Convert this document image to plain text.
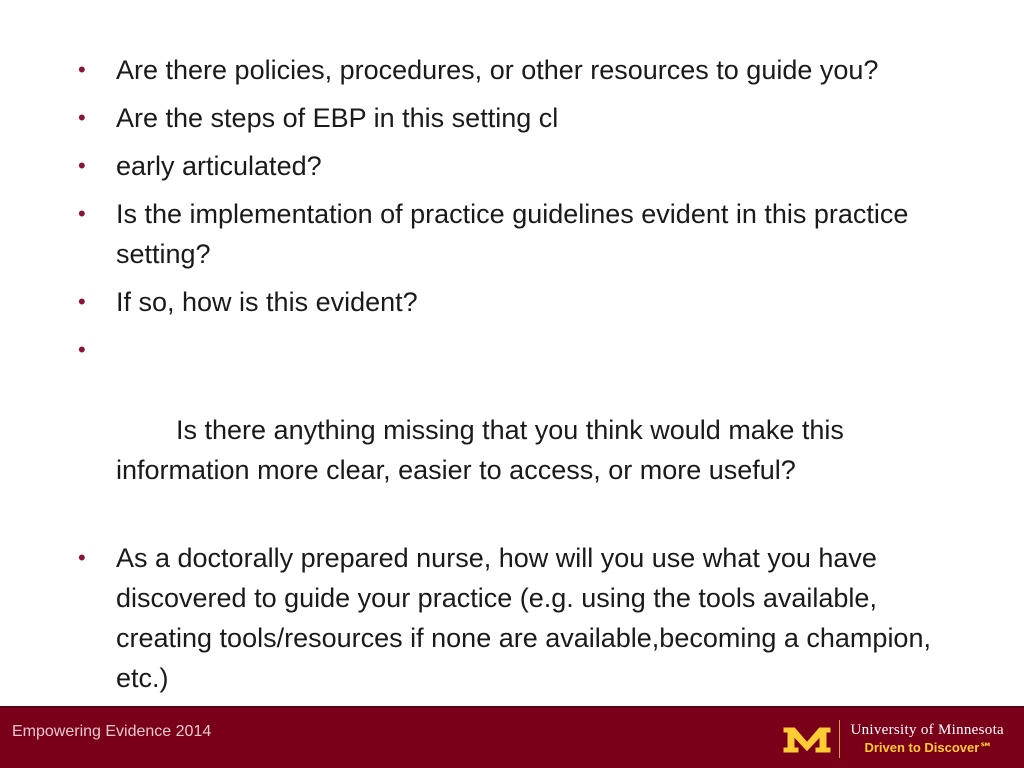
• Are there policies, procedures, or other resources to guide you?
• Are the steps of EBP in this setting cl
• early articulated?
• Is the implementation of practice guidelines evident in this practice setting?
• If so, how is this evident?

•

	Is there anything missing that you think would make this information more clear, easier to access, or more useful?

• As a doctorally prepared nurse, how will you use what you have discovered to guide your practice (e.g. using the tools available, creating tools/resources if none are available,becoming a champion, etc.)
Empowering Evidence 2014	University of Minnesota
Driven to Discover℠
